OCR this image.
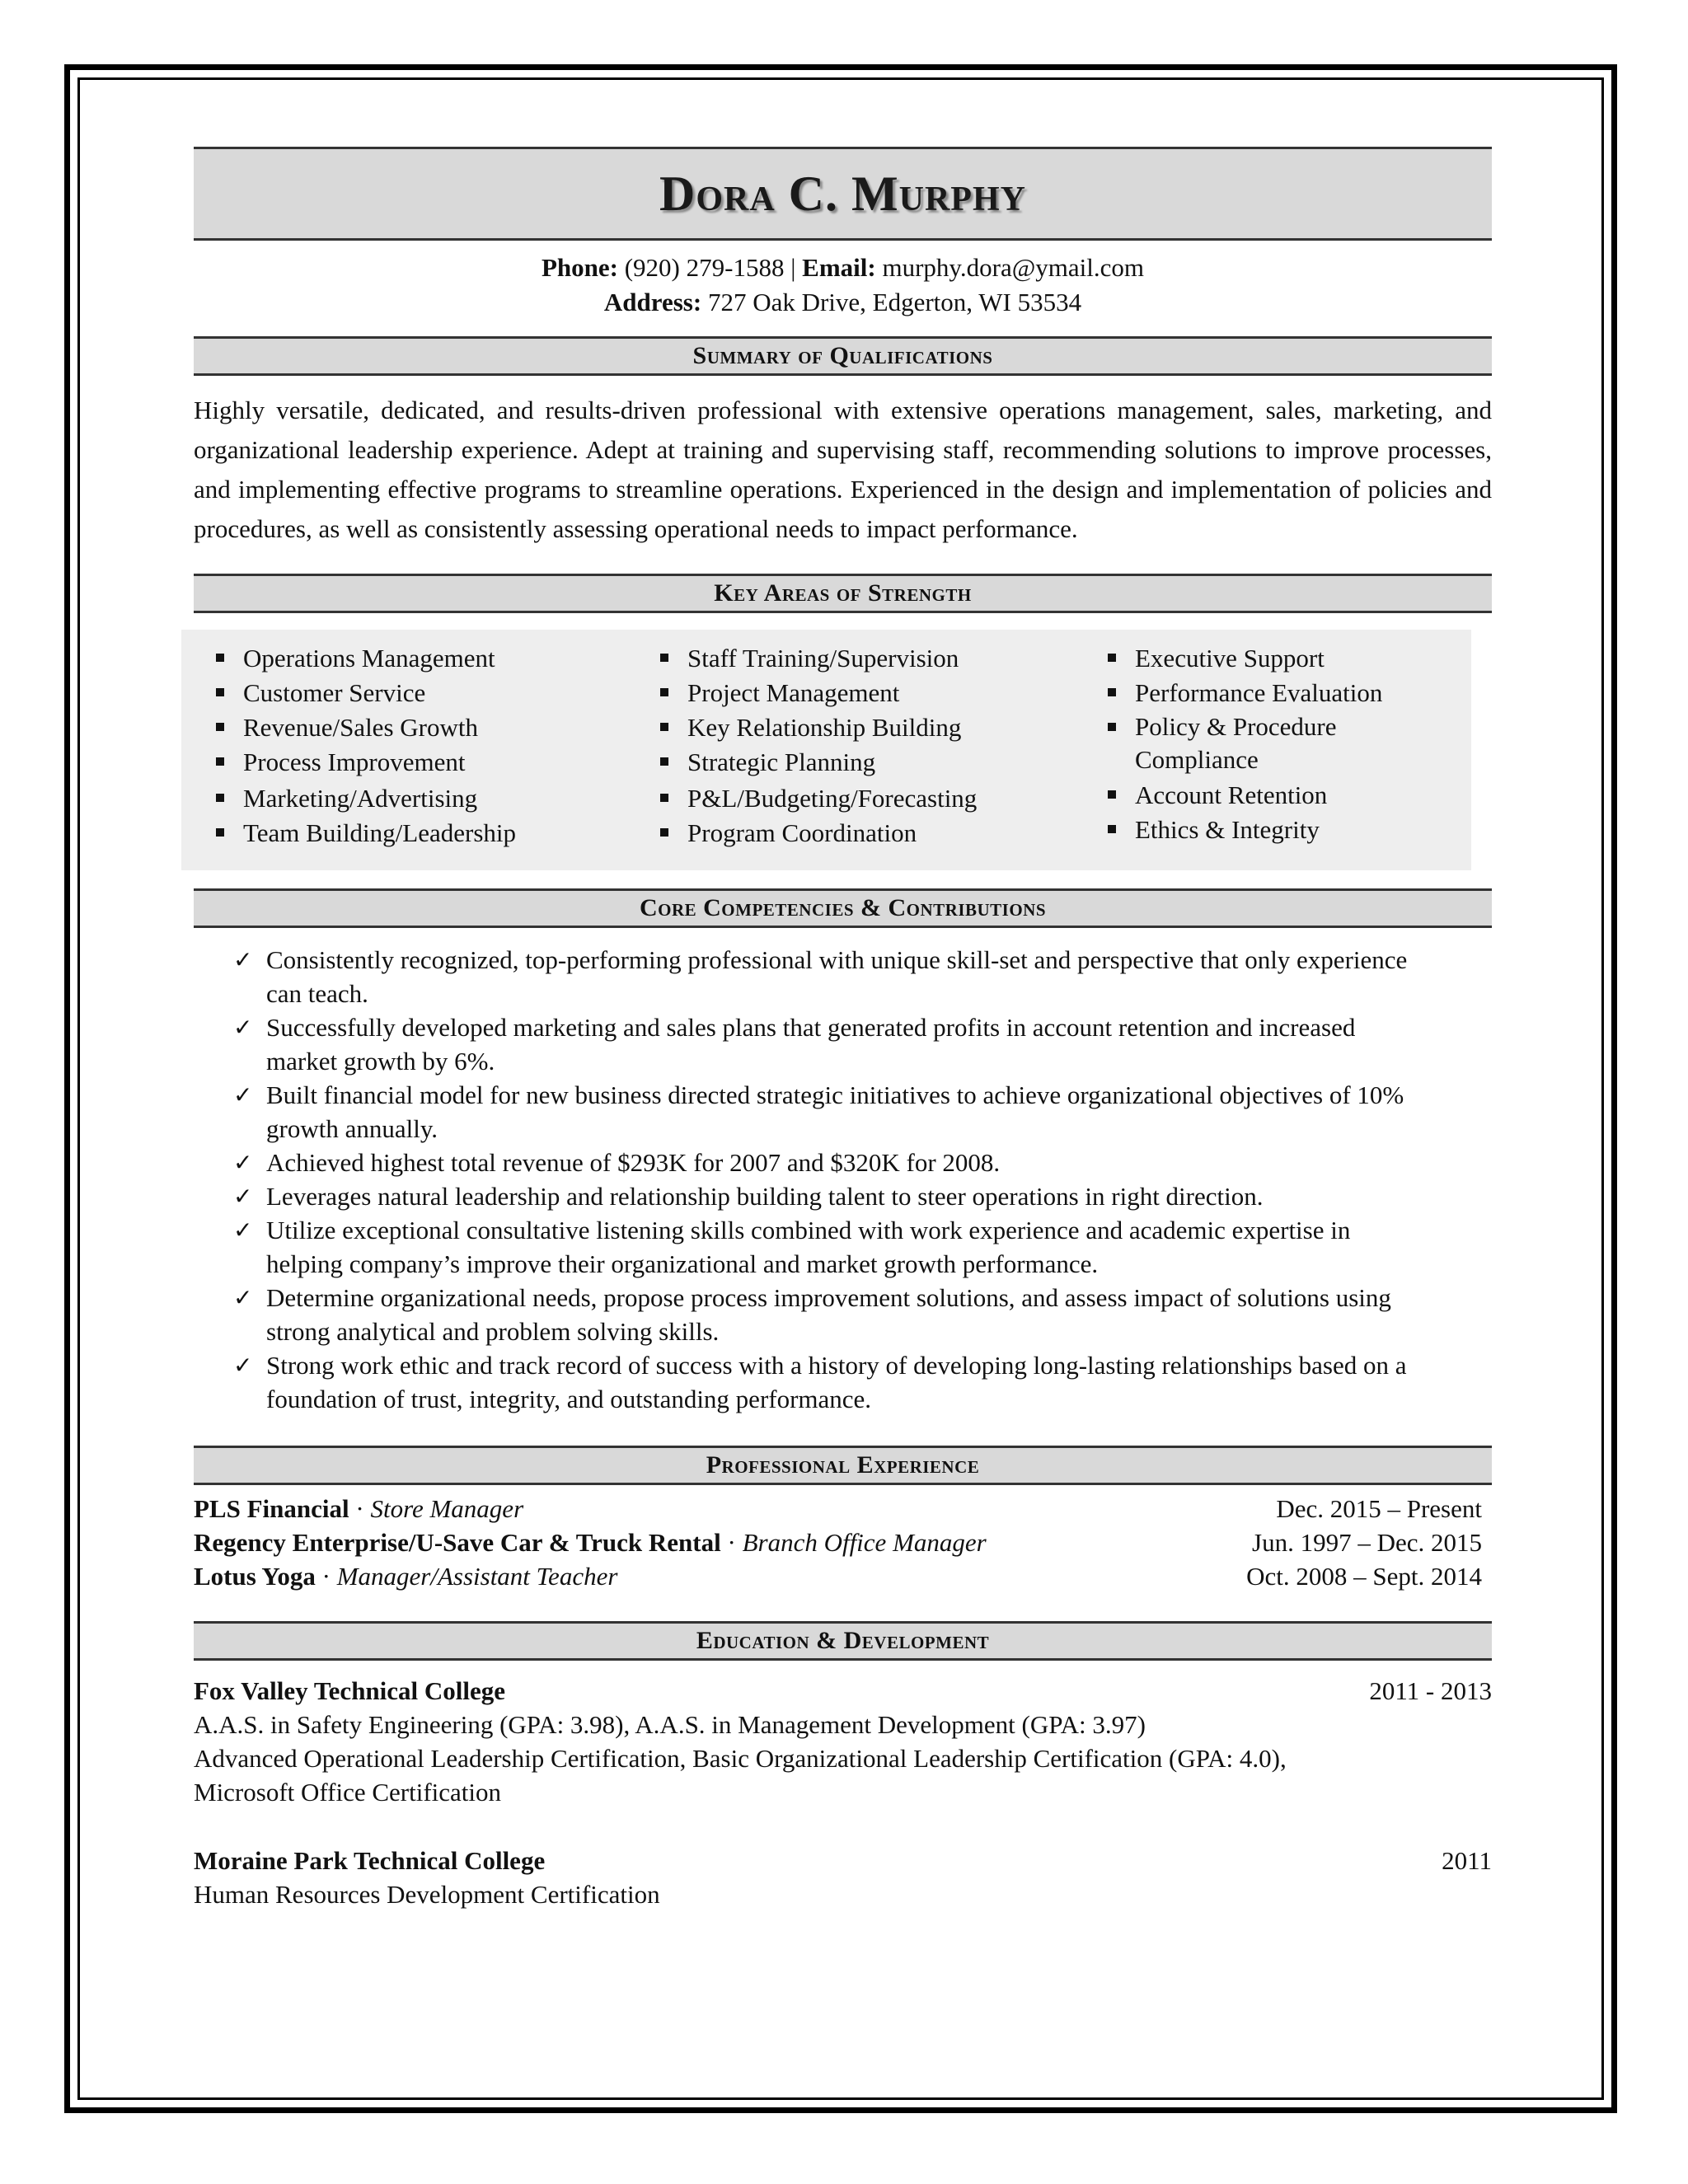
Dora C. Murphy
Phone: (920) 279-1588 | Email: murphy.dora@ymail.com
Address: 727 Oak Drive, Edgerton, WI 53534
Summary of Qualifications
Highly versatile, dedicated, and results-driven professional with extensive operations management, sales, marketing, and organizational leadership experience. Adept at training and supervising staff, recommending solutions to improve processes, and implementing effective programs to streamline operations. Experienced in the design and implementation of policies and procedures, as well as consistently assessing operational needs to impact performance.
Key Areas of Strength
Operations Management
Customer Service
Revenue/Sales Growth
Process Improvement
Marketing/Advertising
Team Building/Leadership
Staff Training/Supervision
Project Management
Key Relationship Building
Strategic Planning
P&L/Budgeting/Forecasting
Program Coordination
Executive Support
Performance Evaluation
Policy & Procedure Compliance
Account Retention
Ethics & Integrity
Core Competencies & Contributions
✓ Consistently recognized, top-performing professional with unique skill-set and perspective that only experience can teach.
✓ Successfully developed marketing and sales plans that generated profits in account retention and increased market growth by 6%.
✓ Built financial model for new business directed strategic initiatives to achieve organizational objectives of 10% growth annually.
✓ Achieved highest total revenue of $293K for 2007 and $320K for 2008.
✓ Leverages natural leadership and relationship building talent to steer operations in right direction.
✓ Utilize exceptional consultative listening skills combined with work experience and academic expertise in helping company’s improve their organizational and market growth performance.
✓ Determine organizational needs, propose process improvement solutions, and assess impact of solutions using strong analytical and problem solving skills.
✓ Strong work ethic and track record of success with a history of developing long-lasting relationships based on a foundation of trust, integrity, and outstanding performance.
Professional Experience
PLS Financial · Store Manager	Dec. 2015 – Present
Regency Enterprise/U-Save Car & Truck Rental · Branch Office Manager	Jun. 1997 – Dec. 2015
Lotus Yoga · Manager/Assistant Teacher	Oct. 2008 – Sept. 2014
Education & Development
Fox Valley Technical College	2011 - 2013
A.A.S. in Safety Engineering (GPA: 3.98), A.A.S. in Management Development (GPA: 3.97)
Advanced Operational Leadership Certification, Basic Organizational Leadership Certification (GPA: 4.0),
Microsoft Office Certification
Moraine Park Technical College	2011
Human Resources Development Certification
